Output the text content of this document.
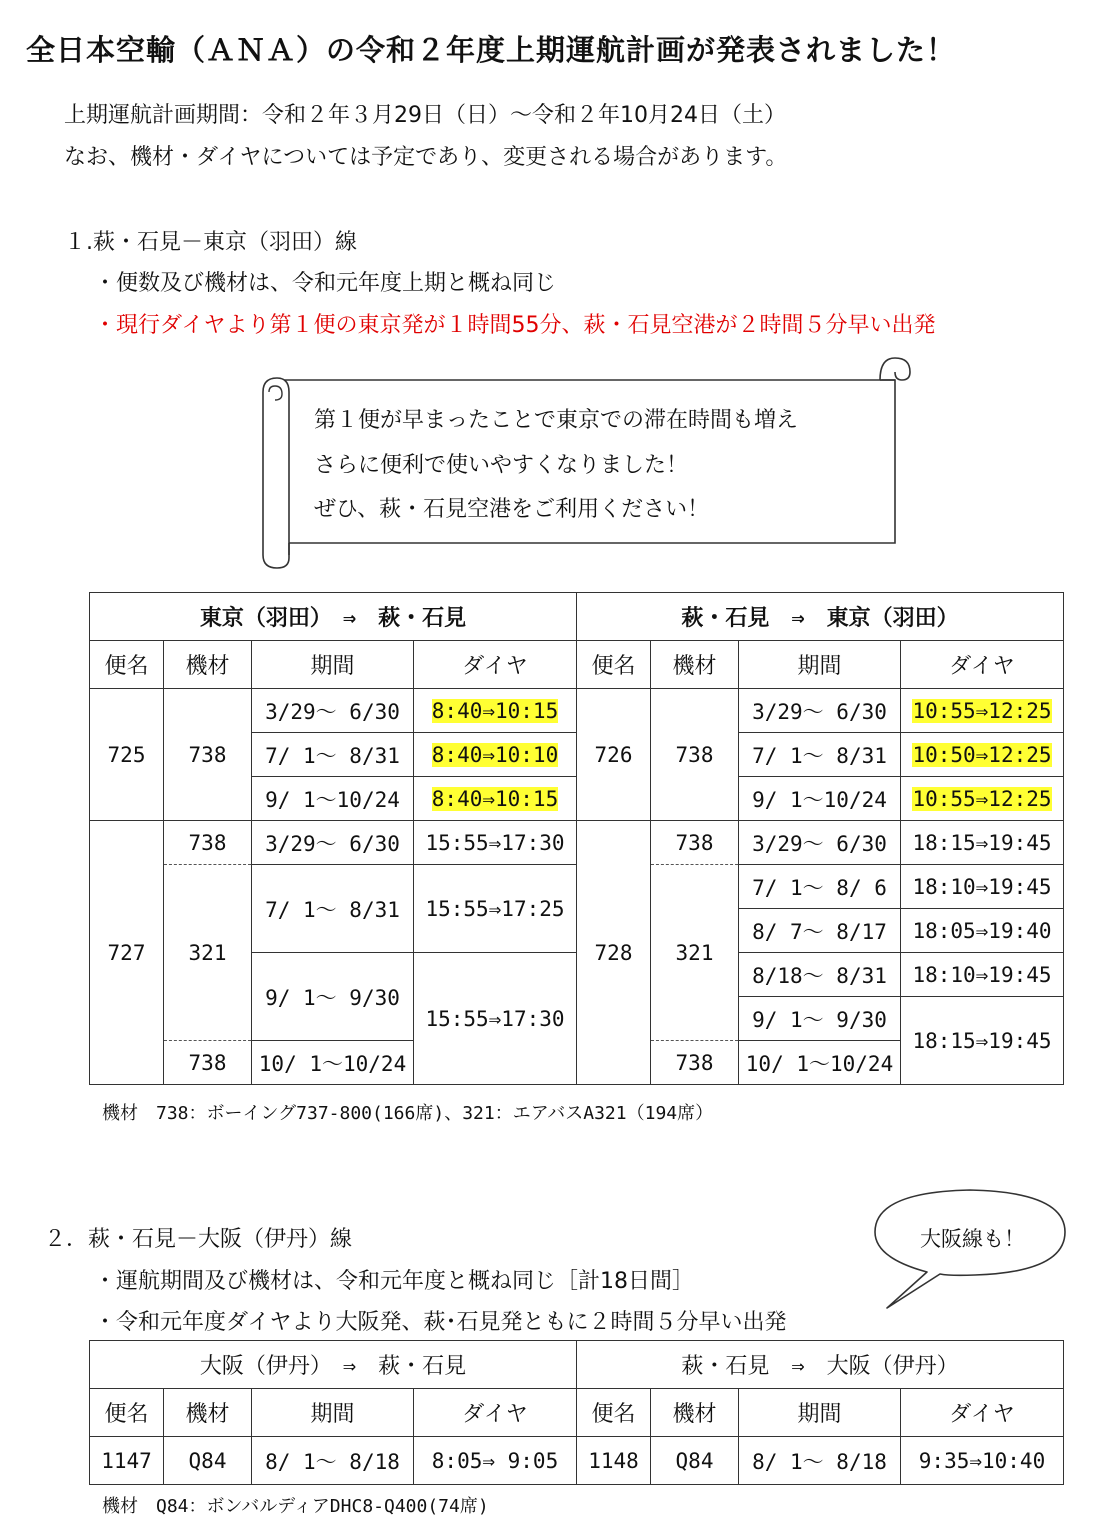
全日本空輸（ＡＮＡ）の令和２年度上期運航計画が発表されました！
上期運航計画期間：令和２年３月29日（日）～令和２年10月24日（土）
なお、機材・ダイヤについては予定であり、変更される場合があります。
１.萩・石見－東京（羽田）線
・便数及び機材は、令和元年度上期と概ね同じ
・現行ダイヤより第１便の東京発が１時間55分、萩・石見空港が２時間５分早い出発
第１便が早まったことで東京での滞在時間も増え
さらに便利で使いやすくなりました！
ぜひ、萩・石見空港をご利用ください！
東京（羽田）　⇒　萩・石見				萩・石見　⇒　東京（羽田）			
便名	機材	期間	ダイヤ	便名	機材	期間	ダイヤ
725	738	3/29～ 6/30	8:40⇒10:15	726	738	3/29～ 6/30	10:55⇒12:25
		7/ 1～ 8/31	8:40⇒10:10			7/ 1～ 8/31	10:50⇒12:25
		9/ 1～10/24	8:40⇒10:15			9/ 1～10/24	10:55⇒12:25
727	738	3/29～ 6/30	15:55⇒17:30	728	738	3/29～ 6/30	18:15⇒19:45
	321	7/ 1～ 8/31	15:55⇒17:25		321	7/ 1～ 8/ 6	18:10⇒19:45
						8/ 7～ 8/17	18:05⇒19:40
		9/ 1～ 9/30	15:55⇒17:30			8/18～ 8/31	18:10⇒19:45
						9/ 1～ 9/30	18:15⇒19:45
	738	10/ 1～10/24			738	10/ 1～10/24	
機材　738：ボーイング737-800(166席)、321：エアバスA321（194席）
２．萩・石見－大阪（伊丹）線
・運航期間及び機材は、令和元年度と概ね同じ［計18日間］
・令和元年度ダイヤより大阪発、萩･石見発ともに２時間５分早い出発
大阪線も！
大阪（伊丹）　⇒　萩・石見				萩・石見　⇒　大阪（伊丹）			
便名	機材	期間	ダイヤ	便名	機材	期間	ダイヤ
1147	Q84	8/ 1～ 8/18	8:05⇒ 9:05	1148	Q84	8/ 1～ 8/18	9:35⇒10:40
機材　Q84：ボンバルディアDHC8-Q400(74席)
